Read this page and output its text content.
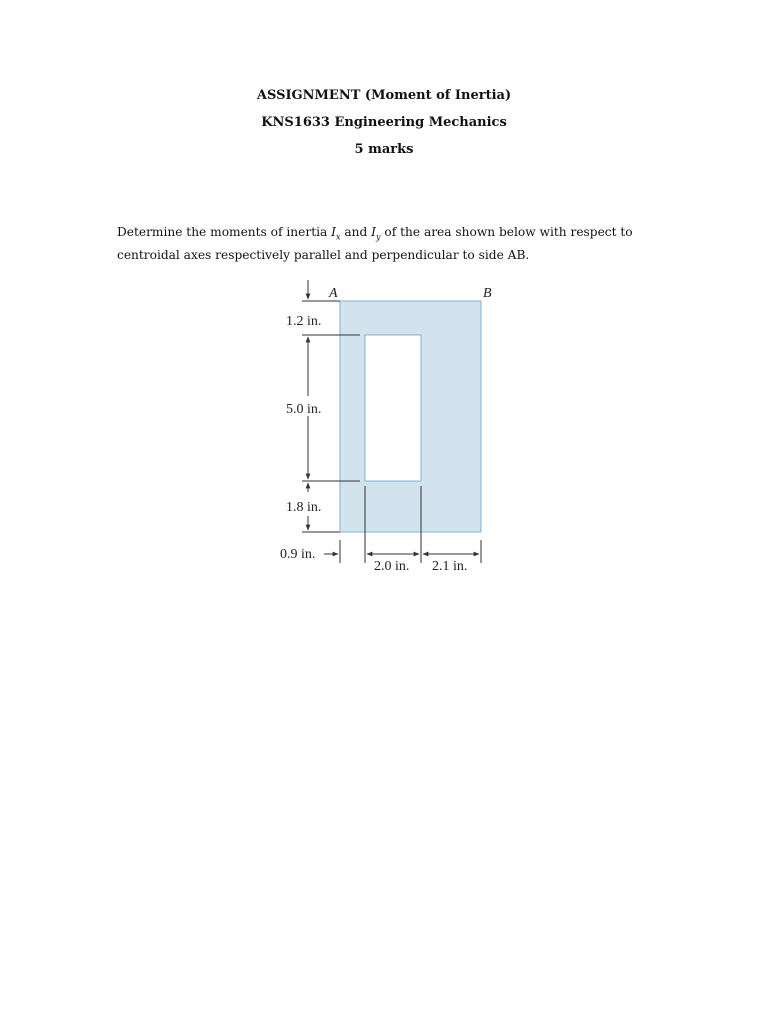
ASSIGNMENT (Moment of Inertia)
KNS1633 Engineering Mechanics
5 marks
Determine the moments of inertia $I_x$ and $I_y$ of the area shown below with respect to centroidal axes respectively parallel and perpendicular to side AB.
A	B
1.2 in.
5.0 in.
1.8 in.
0.9 in.
2.0 in. 2.1 in.
